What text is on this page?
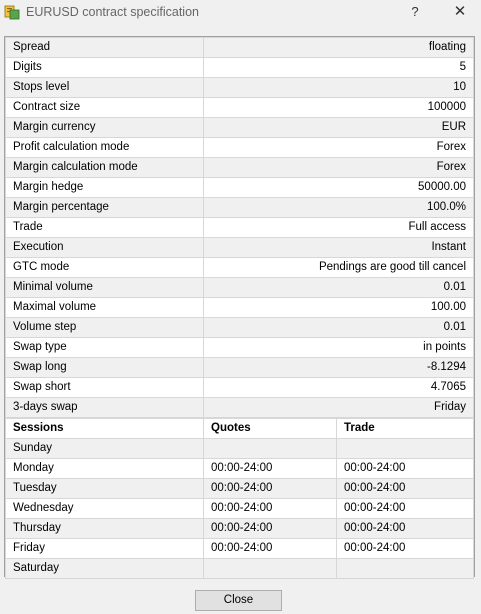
EURUSD contract specification	?	✕
Spread	floating
Digits	5
Stops level	10
Contract size	100000
Margin currency	EUR
Profit calculation mode	Forex
Margin calculation mode	Forex
Margin hedge	50000.00
Margin percentage	100.0%
Trade	Full access
Execution	Instant
GTC mode	Pendings are good till cancel
Minimal volume	0.01
Maximal volume	100.00
Volume step	0.01
Swap type	in points
Swap long	-8.1294
Swap short	4.7065
3-days swap	Friday
Sessions	Quotes	Trade
Sunday		
Monday	00:00-24:00	00:00-24:00
Tuesday	00:00-24:00	00:00-24:00
Wednesday	00:00-24:00	00:00-24:00
Thursday	00:00-24:00	00:00-24:00
Friday	00:00-24:00	00:00-24:00
Saturday		
Close
